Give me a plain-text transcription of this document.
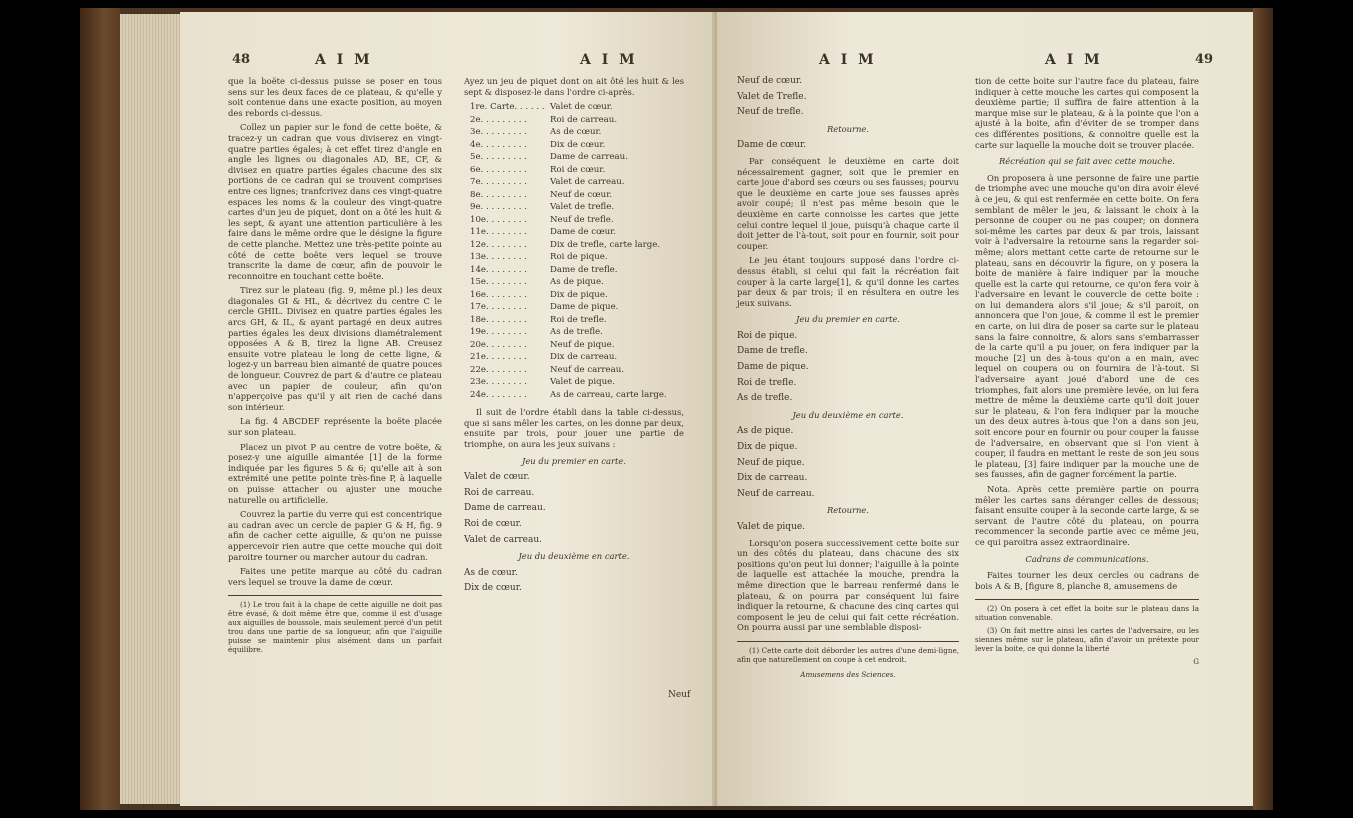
48	A I M	A I M

que la boëte ci-dessus puisse se poser en tous sens sur les deux faces de ce plateau, & qu'elle y soit contenue dans une exacte position, au moyen des rebords ci-dessus.

Collez un papier sur le fond de cette boëte, & tracez-y un cadran que vous diviserez en vingt-quatre parties égales; à cet effet tirez d'angle en angle les lignes ou diagonales AD, BE, CF, & divisez en quatre parties égales chacune des six portions de ce cadran qui se trouvent comprises entre ces lignes; tranfcrivez dans ces vingt-quatre espaces les noms & la couleur des vingt-quatre cartes d'un jeu de piquet, dont on a ôté les huit & les sept, & ayant une attention particulière à les faire dans le même ordre que le désigne la figure de cette planche. Mettez une très-petite pointe au côté de cette boëte vers lequel se trouve transcrite la dame de cœur, afin de pouvoir le reconnoitre en touchant cette boëte.

Tirez sur le plateau (fig. 9, même pl.) les deux diagonales GI & HL, & décrivez du centre C le cercle GHIL. Divisez en quatre parties égales les arcs GH, & IL, & ayant partagé en deux autres parties égales les deux divisions diamétralement opposées A & B, tirez la ligne AB. Creusez ensuite votre plateau le long de cette ligne, & logez-y un barreau bien aimanté de quatre pouces de longueur. Couvrez de part & d'autre ce plateau avec un papier de couleur, afin qu'on n'apperçoive pas qu'il y ait rien de caché dans son intérieur.

La fig. 4 ABCDEF représente la boëte placée sur son plateau.

Placez un pivot P au centre de votre boëte, & posez-y une aiguille aimantée [1] de la forme indiquée par les figures 5 & 6; qu'elle ait à son extrémité une petite pointe très-fine P, à laquelle on puisse attacher ou ajuster une mouche naturelle ou artificielle.

Couvrez la partie du verre qui est concentrique au cadran avec un cercle de papier G & H, fig. 9 afin de cacher cette aiguille, & qu'on ne puisse appercevoir rien autre que cette mouche qui doit paroitre tourner ou marcher autour du cadran.

Faites une petite marque au côté du cadran vers lequel se trouve la dame de cœur.

(1) Le trou fait à la chape de cette aiguille ne doit pas être évasé, & doit même être que, comme il est d'usage aux aiguilles de boussole, mais seulement percé d'un petit trou dans une partie de sa longueur, afin que l'aiguille puisse se maintenir plus aisément dans un parfait équilibre.

Ayez un jeu de piquet dont on ait ôté les huit & les sept & disposez-le dans l'ordre ci-après.

1re. Carte. . . . . . Valet de cœur.
2e. . . . . . . . .	Roi de carreau.
3e. . . . . . . . .	As de cœur.
4e. . . . . . . . .	Dix de cœur.
5e. . . . . . . . .	Dame de carreau.
6e. . . . . . . . .	Roi de cœur.
7e. . . . . . . . .	Valet de carreau.
8e. . . . . . . . .	Neuf de cœur.
9e. . . . . . . . .	Valet de trefle.
10e. . . . . . . .	Neuf de trefle.
11e. . . . . . . .	Dame de cœur.
12e. . . . . . . .	Dix de trefle, carte large.
13e. . . . . . . .	Roi de pique.
14e. . . . . . . .	Dame de trefle.
15e. . . . . . . .	As de pique.
16e. . . . . . . .	Dix de pique.
17e. . . . . . . .	Dame de pique.
18e. . . . . . . .	Roi de trefle.
19e. . . . . . . .	As de trefle.
20e. . . . . . . .	Neuf de pique.
21e. . . . . . . .	Dix de carreau.
22e. . . . . . . .	Neuf de carreau.
23e. . . . . . . .	Valet de pique.
24e. . . . . . . .	As de carreau, carte large.

Il suit de l'ordre établi dans la table ci-dessus, que si sans mêler les cartes, on les donne par deux, ensuite par trois, pour jouer une partie de triomphe, on aura les jeux suivans :

Jeu du premier en carte.

Valet de cœur.

Roi de carreau.

Dame de carreau.

Roi de cœur.

Valet de carreau.

Jeu du deuxième en carte.

As de cœur.

Dix de cœur.

Neuf
A I M	A I M	49

Neuf de cœur.

Valet de Trefle.

Neuf de trefle.

Retourne.

Dame de cœur.

Par conséquent le deuxième en carte doit nécessairement gagner, soit que le premier en carte joue d'abord ses cœurs ou ses fausses; pourvu que le deuxième en carte joue ses fausses après avoir coupé; il n'est pas même besoin que le deuxième en carte connoisse les cartes que jette celui contre lequel il joue, puisqu'à chaque carte il doit jetter de l'à-tout, soit pour en fournir, soit pour couper.

Le jeu étant toujours supposé dans l'ordre ci-dessus établi, si celui qui fait la récréation fait couper à la carte large[1], & qu'il donne les cartes par deux & par trois; il en résultera en outre les jeux suivans.

Jeu du premier en carte.

Roi de pique.

Dame de trefle.

Dame de pique.

Roi de trefle.

As de trefle.

Jeu du deuxième en carte.

As de pique.

Dix de pique.

Neuf de pique.

Dix de carreau.

Neuf de carreau.

Retourne.

Valet de pique.

Lorsqu'on posera successivement cette boite sur un des côtés du plateau, dans chacune des six positions qu'on peut lui donner; l'aiguille à la pointe de laquelle est attachée la mouche, prendra la même direction que le barreau renfermé dans le plateau, & on pourra par conséquent lui faire indiquer la retourne, & chacune des cinq cartes qui composent le jeu de celui qui fait cette récréation. On pourra aussi par une semblable disposi-

(1) Cette carte doit déborder les autres d'une demi-ligne, afin que naturellement on coupe à cet endroit.

Amusemens des Sciences.

tion de cette boite sur l'autre face du plateau, faire indiquer à cette mouche les cartes qui composent la deuxième partie; il suffira de faire attention à la marque mise sur le plateau, & à la pointe que l'on a ajusté à la boite, afin d'éviter de se tromper dans ces différentes positions, & connoitre quelle est la carte sur laquelle la mouche doit se trouver placée.

Récréation qui se fait avec cette mouche.

On proposera à une personne de faire une partie de triomphe avec une mouche qu'on dira avoir élevé à ce jeu, & qui est renfermée en cette boite. On fera semblant de mêler le jeu, & laissant le choix à la personne de couper ou ne pas couper; on donnera soi-même les cartes par deux & par trois, laissant voir à l'adversaire la retourne sans la regarder soi-même; alors mettant cette carte de retourne sur le plateau, sans en découvrir la figure, on y posera la boite de manière à faire indiquer par la mouche quelle est la carte qui retourne, ce qu'on fera voir à l'adversaire en levant le couvercle de cette boite : on lui demandera alors s'il joue; & s'il paroit, on annoncera que l'on joue, & comme il est le premier en carte, on lui dira de poser sa carte sur le plateau sans la faire connoitre, & alors sans s'embarrasser de la carte qu'il a pu jouer, on fera indiquer par la mouche [2] un des à-tous qu'on a en main, avec lequel on coupera ou on fournira de l'à-tout. Si l'adversaire ayant joué d'abord une de ces triomphes, fait alors une première levée, on lui fera mettre de même la deuxième carte qu'il doit jouer sur le plateau, & l'on fera indiquer par la mouche un des deux autres à-tous que l'on a dans son jeu, soit encore pour en fournir ou pour couper la fausse de l'adversaire, en observant que si l'on vient à couper, il faudra en mettant le reste de son jeu sous le plateau, [3] faire indiquer par la mouche une de ses fausses, afin de gagner forcément la partie.

Nota. Après cette première partie on pourra mêler les cartes sans déranger celles de dessous; faisant ensuite couper à la seconde carte large, & se servant de l'autre côté du plateau, on pourra recommencer la seconde partie avec ce même jeu, ce qui paroitra assez extraordinaire.

Cadrans de communications.

Faites tourner les deux cercles ou cadrans de bois A & B, [figure 8, planche 8, amusemens de

(2) On posera à cet effet la boite sur le plateau dans la situation convenable.

(3) On fait mettre ainsi les cartes de l'adversaire, ou les siennes même sur le plateau, afin d'avoir un prétexte pour lever la boite, ce qui donne la liberté

G
